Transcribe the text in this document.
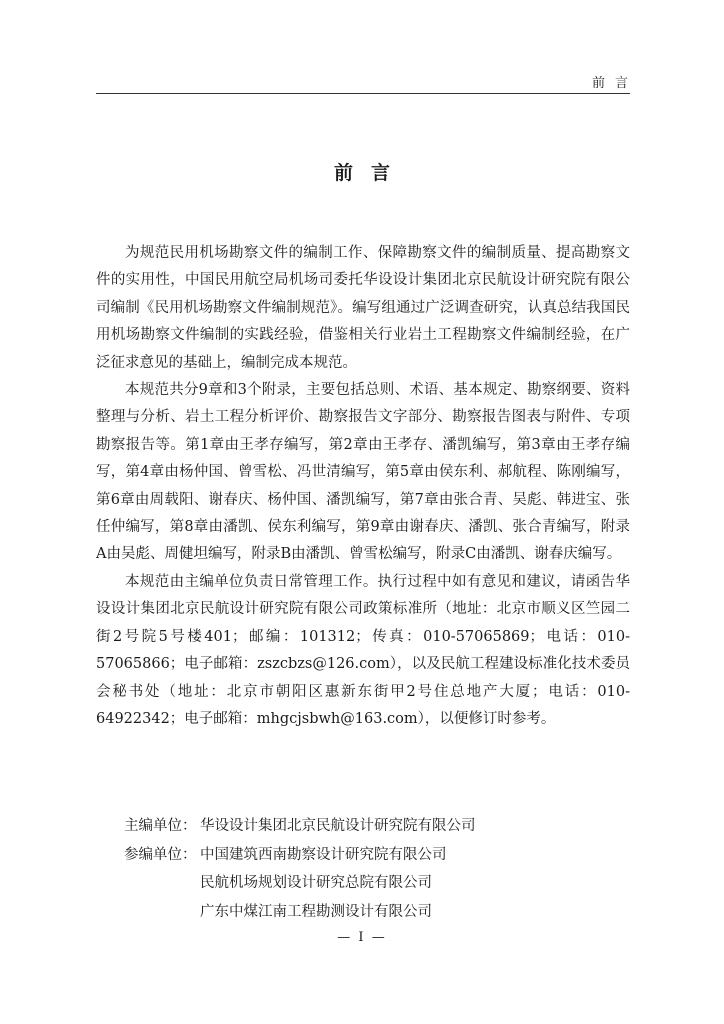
前言
前言

为规范民用机场勘察文件的编制工作、保障勘察文件的编制质量、提高勘察文件的实用性，中国民用航空局机场司委托华设设计集团北京民航设计研究院有限公司编制《民用机场勘察文件编制规范》。编写组通过广泛调查研究，认真总结我国民用机场勘察文件编制的实践经验，借鉴相关行业岩土工程勘察文件编制经验，在广泛征求意见的基础上，编制完成本规范。

本规范共分9章和3个附录，主要包括总则、术语、基本规定、勘察纲要、资料整理与分析、岩土工程分析评价、勘察报告文字部分、勘察报告图表与附件、专项勘察报告等。第1章由王孝存编写，第2章由王孝存、潘凯编写，第3章由王孝存编写，第4章由杨仲国、曾雪松、冯世清编写，第5章由侯东利、郝航程、陈刚编写，第6章由周载阳、谢春庆、杨仲国、潘凯编写，第7章由张合青、吴彪、韩进宝、张任仲编写，第8章由潘凯、侯东利编写，第9章由谢春庆、潘凯、张合青编写，附录A由吴彪、周健坦编写，附录B由潘凯、曾雪松编写，附录C由潘凯、谢春庆编写。

本规范由主编单位负责日常管理工作。执行过程中如有意见和建议，请函告华设设计集团北京民航设计研究院有限公司政策标准所（地址：北京市顺义区竺园二街2号院5号楼401；邮编：101312；传真：010-57065869；电话：010-57065866；电子邮箱：zszcbzs@126.com），以及民航工程建设标准化技术委员会秘书处（地址：北京市朝阳区惠新东街甲2号住总地产大厦；电话：010-64922342；电子邮箱：mhgcjsbwh@163.com），以便修订时参考。

主编单位： 华设设计集团北京民航设计研究院有限公司
参编单位： 中国建筑西南勘察设计研究院有限公司
民航机场规划设计研究总院有限公司
广东中煤江南工程勘测设计有限公司
— I —
